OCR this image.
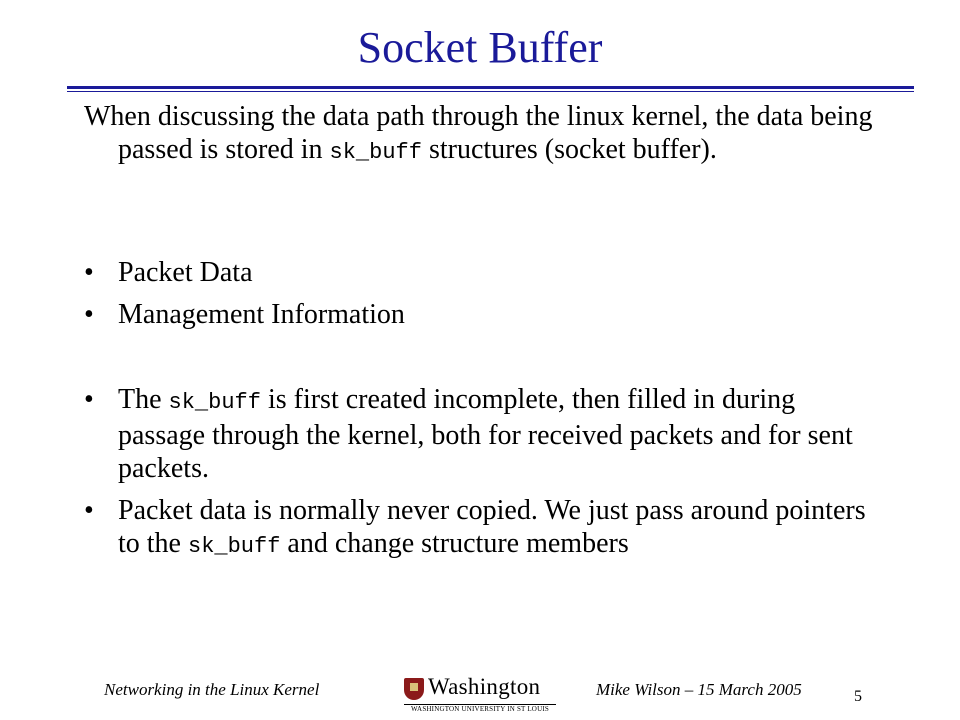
Socket Buffer
When discussing the data path through the linux kernel, the data being passed is stored in sk_buff structures (socket buffer).
• Packet Data
• Management Information
• The sk_buff is first created incomplete, then filled in during passage through the kernel, both for received packets and for sent packets.
• Packet data is normally never copied. We just pass around pointers to the sk_buff and change structure members
Networking in the Linux Kernel	Washington
WASHINGTON UNIVERSITY IN ST LOUIS
Mike Wilson – 15 March 2005	5
